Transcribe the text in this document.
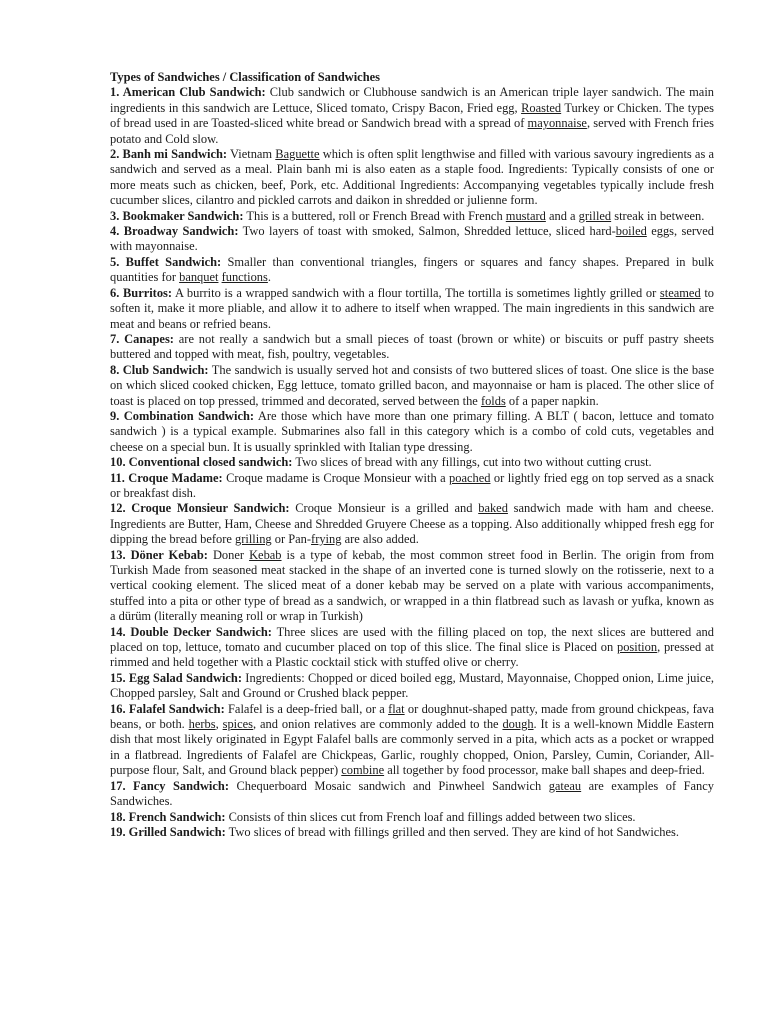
Types of Sandwiches / Classification of Sandwiches

1. American Club Sandwich: Club sandwich or Clubhouse sandwich is an American triple layer sandwich. The main ingredients in this sandwich are Lettuce, Sliced tomato, Crispy Bacon, Fried egg, Roasted Turkey or Chicken. The types of bread used in are Toasted-sliced white bread or Sandwich bread with a spread of mayonnaise, served with French fries potato and Cold slow.

2. Banh mi Sandwich: Vietnam Baguette which is often split lengthwise and filled with various savoury ingredients as a sandwich and served as a meal. Plain banh mi is also eaten as a staple food. Ingredients: Typically consists of one or more meats such as chicken, beef, Pork, etc. Additional Ingredients: Accompanying vegetables typically include fresh cucumber slices, cilantro and pickled carrots and daikon in shredded or julienne form.

3. Bookmaker Sandwich: This is a buttered, roll or French Bread with French mustard and a grilled streak in between.

4. Broadway Sandwich: Two layers of toast with smoked, Salmon, Shredded lettuce, sliced hard-boiled eggs, served with mayonnaise.

5. Buffet Sandwich: Smaller than conventional triangles, fingers or squares and fancy shapes. Prepared in bulk quantities for banquet functions.

6. Burritos: A burrito is a wrapped sandwich with a flour tortilla, The tortilla is sometimes lightly grilled or steamed to soften it, make it more pliable, and allow it to adhere to itself when wrapped. The main ingredients in this sandwich are meat and beans or refried beans.

7. Canapes: are not really a sandwich but a small pieces of toast (brown or white) or biscuits or puff pastry sheets buttered and topped with meat, fish, poultry, vegetables.

8. Club Sandwich: The sandwich is usually served hot and consists of two buttered slices of toast. One slice is the base on which sliced cooked chicken, Egg lettuce, tomato grilled bacon, and mayonnaise or ham is placed. The other slice of toast is placed on top pressed, trimmed and decorated, served between the folds of a paper napkin.

9. Combination Sandwich: Are those which have more than one primary filling. A BLT ( bacon, lettuce and tomato sandwich ) is a typical example. Submarines also fall in this category which is a combo of cold cuts, vegetables and cheese on a special bun. It is usually sprinkled with Italian type dressing.

10. Conventional closed sandwich: Two slices of bread with any fillings, cut into two without cutting crust.

11. Croque Madame: Croque madame is Croque Monsieur with a poached or lightly fried egg on top served as a snack or breakfast dish.

12. Croque Monsieur Sandwich: Croque Monsieur is a grilled and baked sandwich made with ham and cheese. Ingredients are Butter, Ham, Cheese and Shredded Gruyere Cheese as a topping. Also additionally whipped fresh egg for dipping the bread before grilling or Pan-frying are also added.

13. Döner Kebab: Doner Kebab is a type of kebab, the most common street food in Berlin. The origin from from Turkish Made from seasoned meat stacked in the shape of an inverted cone is turned slowly on the rotisserie, next to a vertical cooking element. The sliced meat of a doner kebab may be served on a plate with various accompaniments, stuffed into a pita or other type of bread as a sandwich, or wrapped in a thin flatbread such as lavash or yufka, known as a dürüm (literally meaning roll or wrap in Turkish)

14. Double Decker Sandwich: Three slices are used with the filling placed on top, the next slices are buttered and placed on top, lettuce, tomato and cucumber placed on top of this slice. The final slice is Placed on position, pressed at rimmed and held together with a Plastic cocktail stick with stuffed olive or cherry.

15. Egg Salad Sandwich: Ingredients: Chopped or diced boiled egg, Mustard, Mayonnaise, Chopped onion, Lime juice, Chopped parsley, Salt and Ground or Crushed black pepper.

16. Falafel Sandwich: Falafel is a deep-fried ball, or a flat or doughnut-shaped patty, made from ground chickpeas, fava beans, or both. herbs, spices, and onion relatives are commonly added to the dough. It is a well-known Middle Eastern dish that most likely originated in Egypt Falafel balls are commonly served in a pita, which acts as a pocket or wrapped in a flatbread. Ingredients of Falafel are Chickpeas, Garlic, roughly chopped, Onion, Parsley, Cumin, Coriander, All-purpose flour, Salt, and Ground black pepper) combine all together by food processor, make ball shapes and deep-fried.

17. Fancy Sandwich: Chequerboard Mosaic sandwich and Pinwheel Sandwich gateau are examples of Fancy Sandwiches.

18. French Sandwich: Consists of thin slices cut from French loaf and fillings added between two slices.

19. Grilled Sandwich: Two slices of bread with fillings grilled and then served. They are kind of hot Sandwiches.
